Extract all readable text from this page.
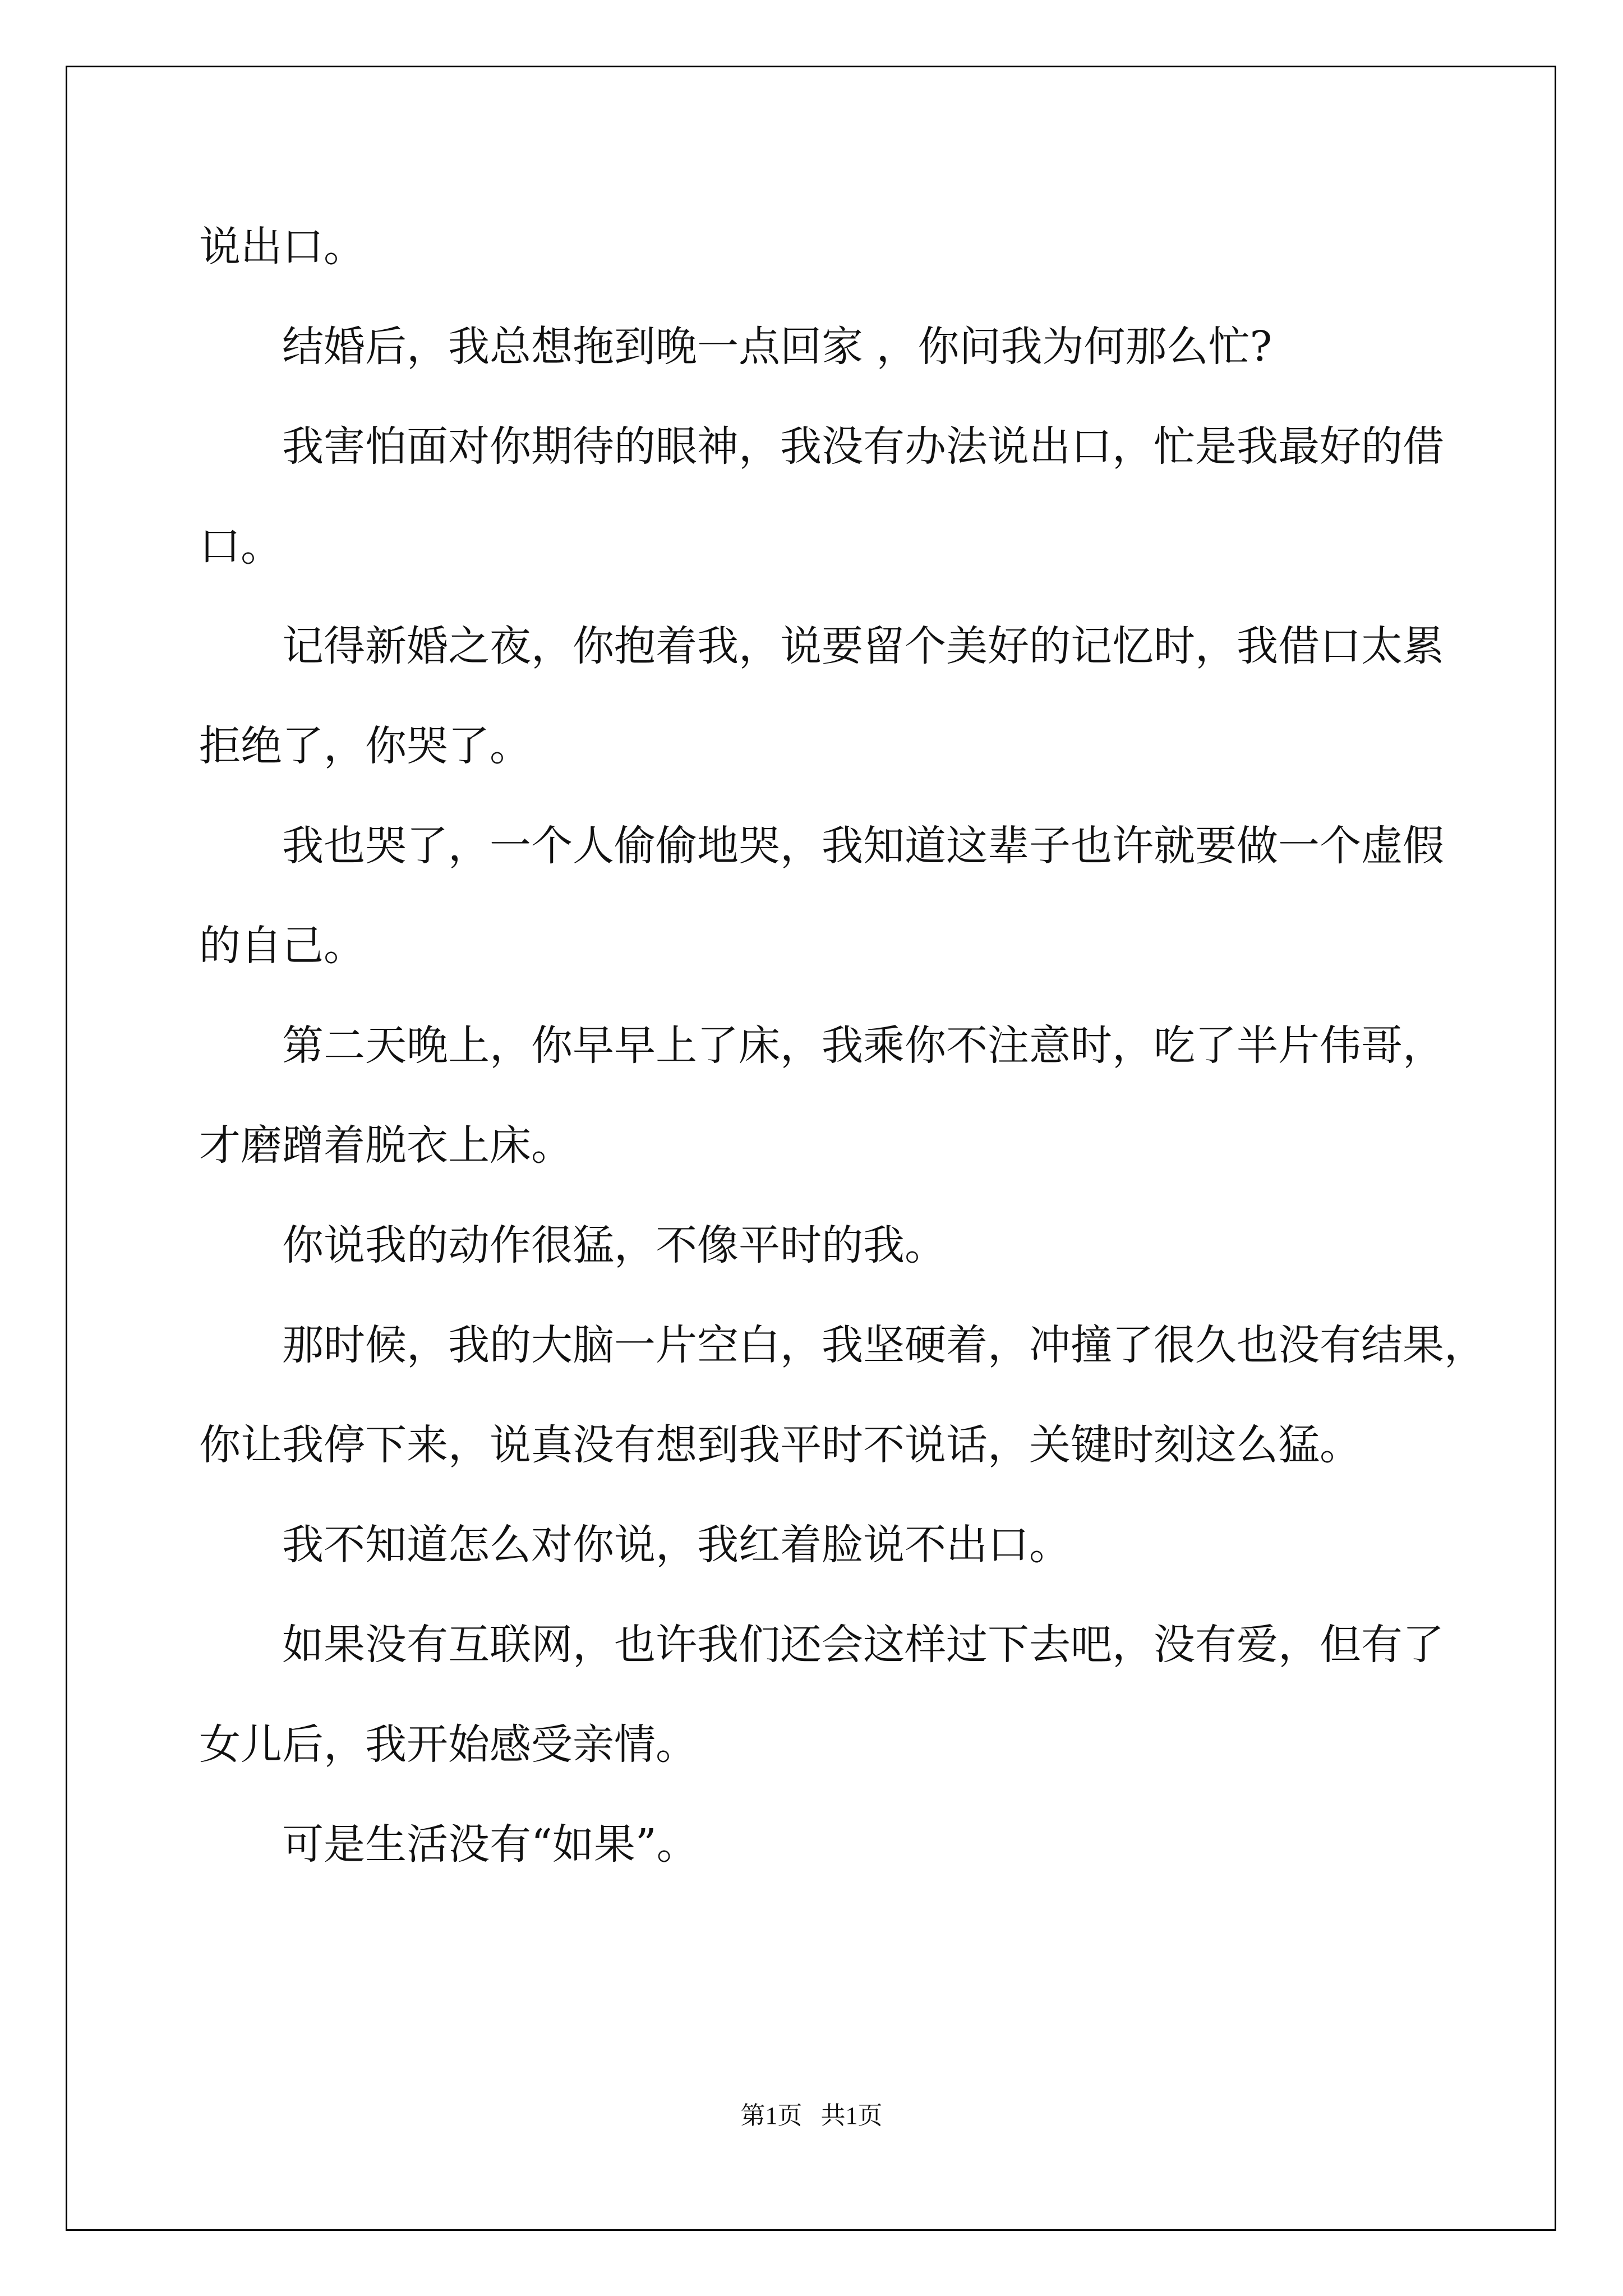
说出口。
结婚后，我总想拖到晚一点回家 ，你问我为何那么忙?
我害怕面对你期待的眼神，我没有办法说出口，忙是我最好的借
口。
记得新婚之夜，你抱着我，说要留个美好的记忆时，我借口太累
拒绝了，你哭了。
我也哭了，一个人偷偷地哭，我知道这辈子也许就要做一个虚假
的自己。
第二天晚上，你早早上了床，我乘你不注意时，吃了半片伟哥，
才磨蹭着脱衣上床。
你说我的动作很猛，不像平时的我。
那时候，我的大脑一片空白，我坚硬着，冲撞了很久也没有结果，
你让我停下来，说真没有想到我平时不说话，关键时刻这么猛。
我不知道怎么对你说，我红着脸说不出口。
如果没有互联网，也许我们还会这样过下去吧，没有爱，但有了
女儿后，我开始感受亲情。
可是生活没有“如果”。
第1页   共1页
